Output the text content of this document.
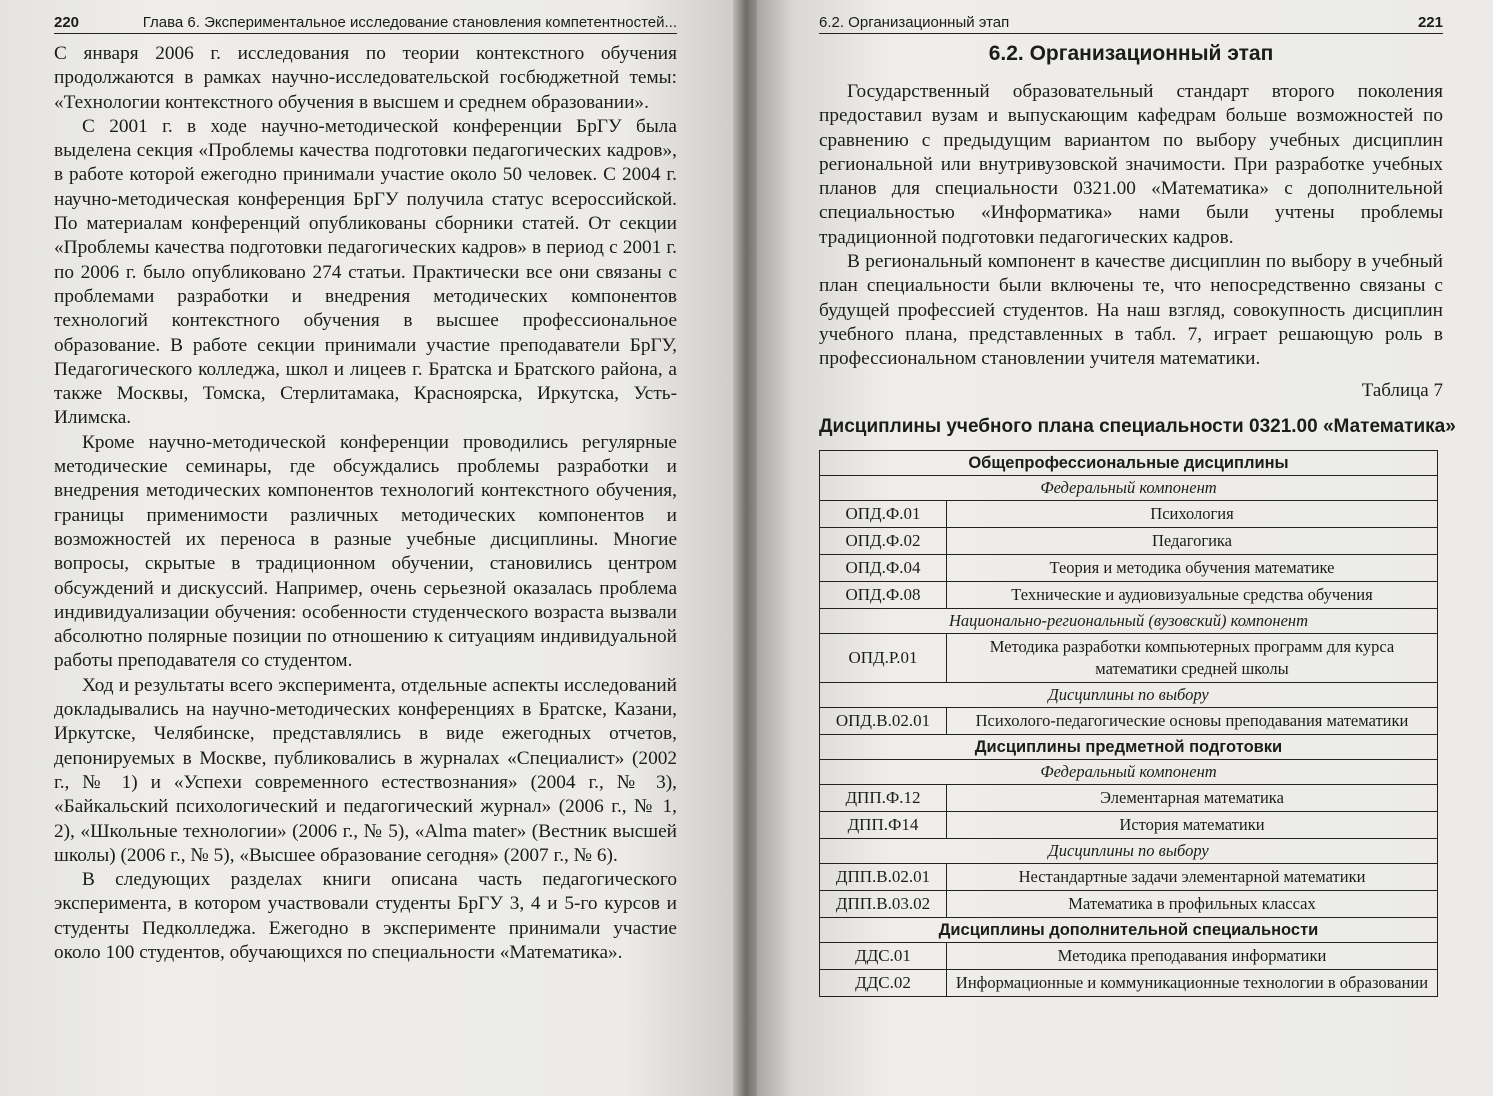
220	Глава 6. Экспериментальное исследование становления компетентностей...

С января 2006 г. исследования по теории контекстного обучения продолжаются в рамках научно-исследовательской госбюджетной темы: «Технологии контекстного обучения в высшем и среднем образовании».

С 2001 г. в ходе научно-методической конференции БрГУ была выделена секция «Проблемы качества подготовки педагогических кадров», в работе которой ежегодно принимали участие около 50 человек. С 2004 г. научно-методическая конференция БрГУ получила статус всероссийской. По материалам конференций опубликованы сборники статей. От секции «Проблемы качества подготовки педагогических кадров» в период с 2001 г. по 2006 г. было опубликовано 274 статьи. Практически все они связаны с проблемами разработки и внедрения методических компонентов технологий контекстного обучения в высшее профессиональное образование. В работе секции принимали участие преподаватели БрГУ, Педагогического колледжа, школ и лицеев г. Братска и Братского района, а также Москвы, Томска, Стерлитамака, Красноярска, Иркутска, Усть-Илимска.

Кроме научно-методической конференции проводились регулярные методические семинары, где обсуждались проблемы разработки и внедрения методических компонентов технологий контекстного обучения, границы применимости различных методических компонентов и возможностей их переноса в разные учебные дисциплины. Многие вопросы, скрытые в традиционном обучении, становились центром обсуждений и дискуссий. Например, очень серьезной оказалась проблема индивидуализации обучения: особенности студенческого возраста вызвали абсолютно полярные позиции по отношению к ситуациям индивидуальной работы преподавателя со студентом.

Ход и результаты всего эксперимента, отдельные аспекты исследований докладывались на научно-методических конференциях в Братске, Казани, Иркутске, Челябинске, представлялись в виде ежегодных отчетов, депонируемых в Москве, публиковались в журналах «Специалист» (2002 г., № 1) и «Успехи современного естествознания» (2004 г., № 3), «Байкальский психологический и педагогический журнал» (2006 г., № 1, 2), «Школьные технологии» (2006 г., № 5), «Alma mater» (Вестник высшей школы) (2006 г., № 5), «Высшее образование сегодня» (2007 г., № 6).

В следующих разделах книги описана часть педагогического эксперимента, в котором участвовали студенты БрГУ 3, 4 и 5-го курсов и студенты Педколледжа. Ежегодно в эксперименте принимали участие около 100 студентов, обучающихся по специальности «Математика».

6.2. Организационный этап	221
6.2. Организационный этап

Государственный образовательный стандарт второго поколения предоставил вузам и выпускающим кафедрам больше возможностей по сравнению с предыдущим вариантом по выбору учебных дисциплин региональной или внутривузовской значимости. При разработке учебных планов для специальности 0321.00 «Математика» с дополнительной специальностью «Информатика» нами были учтены проблемы традиционной подготовки педагогических кадров.

В региональный компонент в качестве дисциплин по выбору в учебный план специальности были включены те, что непосредственно связаны с будущей профессией студентов. На наш взгляд, совокупность дисциплин учебного плана, представленных в табл. 7, играет решающую роль в профессиональном становлении учителя математики.

Таблица 7
Дисциплины учебного плана специальности 0321.00 «Математика»
Общепрофессиональные дисциплины	
Федеральный компонент	
ОПД.Ф.01	Психология
ОПД.Ф.02	Педагогика
ОПД.Ф.04	Теория и методика обучения математике
ОПД.Ф.08	Технические и аудиовизуальные средства обучения
Национально-региональный (вузовский) компонент	
ОПД.Р.01	Методика разработки компьютерных программ для курса математики средней школы
Дисциплины по выбору	
ОПД.В.02.01	Психолого-педагогические основы преподавания математики
Дисциплины предметной подготовки	
Федеральный компонент	
ДПП.Ф.12	Элементарная математика
ДПП.Ф14	История математики
Дисциплины по выбору	
ДПП.В.02.01	Нестандартные задачи элементарной математики
ДПП.В.03.02	Математика в профильных классах
Дисциплины дополнительной специальности	
ДДС.01	Методика преподавания информатики
ДДС.02	Информационные и коммуникационные технологии в образовании
